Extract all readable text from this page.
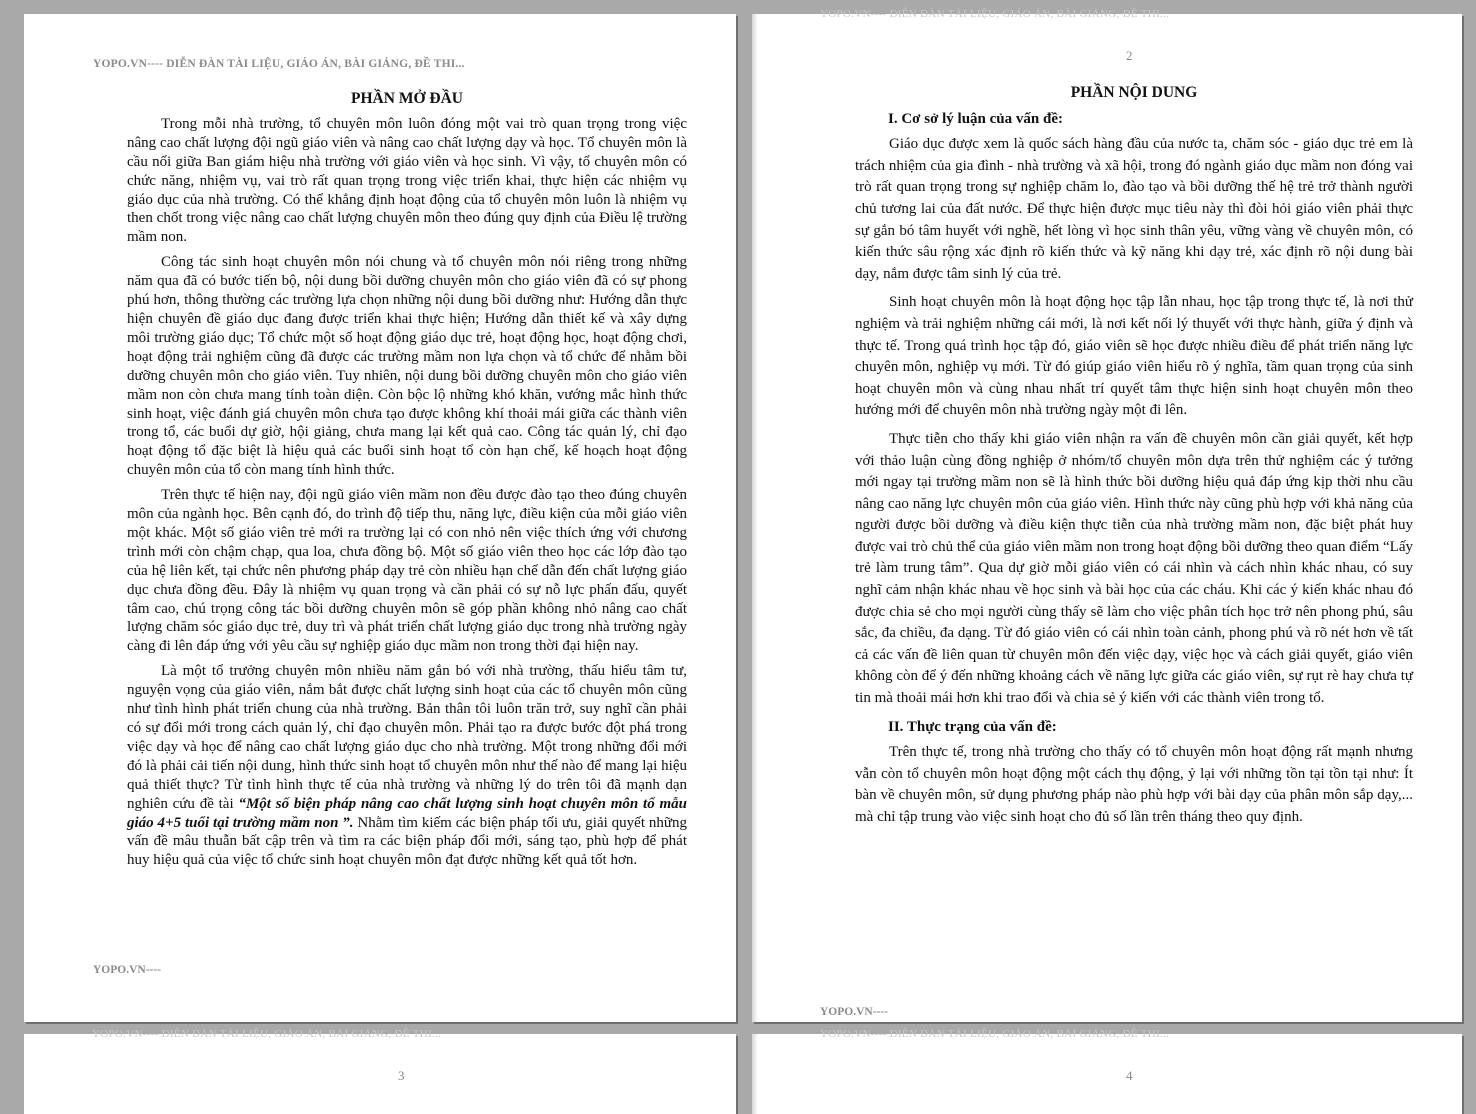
YOPO.VN---- DIỄN ĐÀN TÀI LIỆU, GIÁO ÁN, BÀI GIẢNG, ĐỀ THI...
PHẦN MỞ ĐẦU

Trong mỗi nhà trường, tổ chuyên môn luôn đóng một vai trò quan trọng trong việc nâng cao chất lượng đội ngũ giáo viên và nâng cao chất lượng dạy và học. Tổ chuyên môn là cầu nối giữa Ban giám hiệu nhà trường với giáo viên và học sinh. Vì vậy, tổ chuyên môn có chức năng, nhiệm vụ, vai trò rất quan trọng trong việc triển khai, thực hiện các nhiệm vụ giáo dục của nhà trường. Có thể khẳng định hoạt động của tổ chuyên môn luôn là nhiệm vụ then chốt trong việc nâng cao chất lượng chuyên môn theo đúng quy định của Điều lệ trường mầm non.

Công tác sinh hoạt chuyên môn nói chung và tổ chuyên môn nói riêng trong những năm qua đã có bước tiến bộ, nội dung bồi dưỡng chuyên môn cho giáo viên đã có sự phong phú hơn, thông thường các trường lựa chọn những nội dung bồi dưỡng như: Hướng dẫn thực hiện chuyên đề giáo dục đang được triển khai thực hiện; Hướng dẫn thiết kế và xây dựng môi trường giáo dục; Tổ chức một số hoạt động giáo dục trẻ, hoạt động học, hoạt động chơi, hoạt động trải nghiệm cũng đã được các trường mầm non lựa chọn và tổ chức để nhằm bồi dưỡng chuyên môn cho giáo viên. Tuy nhiên, nội dung bồi dưỡng chuyên môn cho giáo viên mầm non còn chưa mang tính toàn diện. Còn bộc lộ những khó khăn, vướng mắc hình thức sinh hoạt, việc đánh giá chuyên môn chưa tạo được không khí thoải mái giữa các thành viên trong tổ, các buổi dự giờ, hội giảng, chưa mang lại kết quả cao. Công tác quản lý, chỉ đạo hoạt động tổ đặc biệt là hiệu quả các buổi sinh hoạt tổ còn hạn chế, kế hoạch hoạt động chuyên môn của tổ còn mang tính hình thức.

Trên thực tế hiện nay, đội ngũ giáo viên mầm non đều được đào tạo theo đúng chuyên môn của ngành học. Bên cạnh đó, do trình độ tiếp thu, năng lực, điều kiện của mỗi giáo viên một khác. Một số giáo viên trẻ mới ra trường lại có con nhỏ nên việc thích ứng với chương trình mới còn chậm chạp, qua loa, chưa đồng bộ. Một số giáo viên theo học các lớp đào tạo của hệ liên kết, tại chức nên phương pháp dạy trẻ còn nhiều hạn chế dẫn đến chất lượng giáo dục chưa đồng đều. Đây là nhiệm vụ quan trọng và cần phải có sự nỗ lực phấn đấu, quyết tâm cao, chú trọng công tác bồi dưỡng chuyên môn sẽ góp phần không nhỏ nâng cao chất lượng chăm sóc giáo dục trẻ, duy trì và phát triển chất lượng giáo dục trong nhà trường ngày càng đi lên đáp ứng với yêu cầu sự nghiệp giáo dục mầm non trong thời đại hiện nay.

Là một tổ trưởng chuyên môn nhiều năm gắn bó với nhà trường, thấu hiểu tâm tư, nguyện vọng của giáo viên, nắm bắt được chất lượng sinh hoạt của các tổ chuyên môn cũng như tình hình phát triển chung của nhà trường. Bản thân tôi luôn trăn trở, suy nghĩ cần phải có sự đổi mới trong cách quản lý, chỉ đạo chuyên môn. Phải tạo ra được bước đột phá trong việc dạy và học để nâng cao chất lượng giáo dục cho nhà trường. Một trong những đổi mới đó là phải cải tiến nội dung, hình thức sinh hoạt tổ chuyên môn như thế nào để mang lại hiệu quả thiết thực? Từ tình hình thực tế của nhà trường và những lý do trên tôi đã mạnh dạn nghiên cứu đề tài “Một số biện pháp nâng cao chất lượng sinh hoạt chuyên môn tổ mẫu giáo 4+5 tuổi tại trường mầm non ”. Nhằm tìm kiếm các biện pháp tối ưu, giải quyết những vấn đề mâu thuẫn bất cập trên và tìm ra các biện pháp đổi mới, sáng tạo, phù hợp để phát huy hiệu quả của việc tổ chức sinh hoạt chuyên môn đạt được những kết quả tốt hơn.

YOPO.VN----
YOPO.VN---- DIỄN ĐÀN TÀI LIỆU, GIÁO ÁN, BÀI GIẢNG, ĐỀ THI...
2
PHẦN NỘI DUNG
I. Cơ sở lý luận của vấn đề:

Giáo dục được xem là quốc sách hàng đầu của nước ta, chăm sóc - giáo dục trẻ em là trách nhiệm của gia đình - nhà trường và xã hội, trong đó ngành giáo dục mầm non đóng vai trò rất quan trọng trong sự nghiệp chăm lo, đào tạo và bồi dưỡng thế hệ trẻ trở thành người chủ tương lai của đất nước. Để thực hiện được mục tiêu này thì đòi hỏi giáo viên phải thực sự gắn bó tâm huyết với nghề, hết lòng vì học sinh thân yêu, vững vàng về chuyên môn, có kiến thức sâu rộng xác định rõ kiến thức và kỹ năng khi dạy trẻ, xác định rõ nội dung bài dạy, nắm được tâm sinh lý của trẻ.

Sinh hoạt chuyên môn là hoạt động học tập lẫn nhau, học tập trong thực tế, là nơi thử nghiệm và trải nghiệm những cái mới, là nơi kết nối lý thuyết với thực hành, giữa ý định và thực tế. Trong quá trình học tập đó, giáo viên sẽ học được nhiều điều để phát triển năng lực chuyên môn, nghiệp vụ mới. Từ đó giúp giáo viên hiểu rõ ý nghĩa, tầm quan trọng của sinh hoạt chuyên môn và cùng nhau nhất trí quyết tâm thực hiện sinh hoạt chuyên môn theo hướng mới để chuyên môn nhà trường ngày một đi lên.

Thực tiễn cho thấy khi giáo viên nhận ra vấn đề chuyên môn cần giải quyết, kết hợp với thảo luận cùng đồng nghiệp ở nhóm/tổ chuyên môn dựa trên thử nghiệm các ý tưởng mới ngay tại trường mầm non sẽ là hình thức bồi dưỡng hiệu quả đáp ứng kịp thời nhu cầu nâng cao năng lực chuyên môn của giáo viên. Hình thức này cũng phù hợp với khả năng của người được bồi dưỡng và điều kiện thực tiễn của nhà trường mầm non, đặc biệt phát huy được vai trò chủ thể của giáo viên mầm non trong hoạt động bồi dưỡng theo quan điểm “Lấy trẻ làm trung tâm”. Qua dự giờ mỗi giáo viên có cái nhìn và cách nhìn khác nhau, có suy nghĩ cảm nhận khác nhau về học sinh và bài học của các cháu. Khi các ý kiến khác nhau đó được chia sẻ cho mọi người cùng thấy sẽ làm cho việc phân tích học trở nên phong phú, sâu sắc, đa chiều, đa dạng. Từ đó giáo viên có cái nhìn toàn cảnh, phong phú và rõ nét hơn về tất cả các vấn đề liên quan từ chuyên môn đến việc dạy, việc học và cách giải quyết, giáo viên không còn để ý đến những khoảng cách về năng lực giữa các giáo viên, sự rụt rè hay chưa tự tin mà thoải mái hơn khi trao đổi và chia sẻ ý kiến với các thành viên trong tổ.

II. Thực trạng của vấn đề:

Trên thực tế, trong nhà trường cho thấy có tổ chuyên môn hoạt động rất mạnh nhưng vẫn còn tổ chuyên môn hoạt động một cách thụ động, ỷ lại với những tồn tại tồn tại như: Ít bàn về chuyên môn, sử dụng phương pháp nào phù hợp với bài dạy của phân môn sắp dạy,... mà chỉ tập trung vào việc sinh hoạt cho đủ số lần trên tháng theo quy định.

YOPO.VN----
YOPO.VN---- DIỄN ĐÀN TÀI LIỆU, GIÁO ÁN, BÀI GIẢNG, ĐỀ THI...
3
YOPO.VN---- DIỄN ĐÀN TÀI LIỆU, GIÁO ÁN, BÀI GIẢNG, ĐỀ THI...
4
